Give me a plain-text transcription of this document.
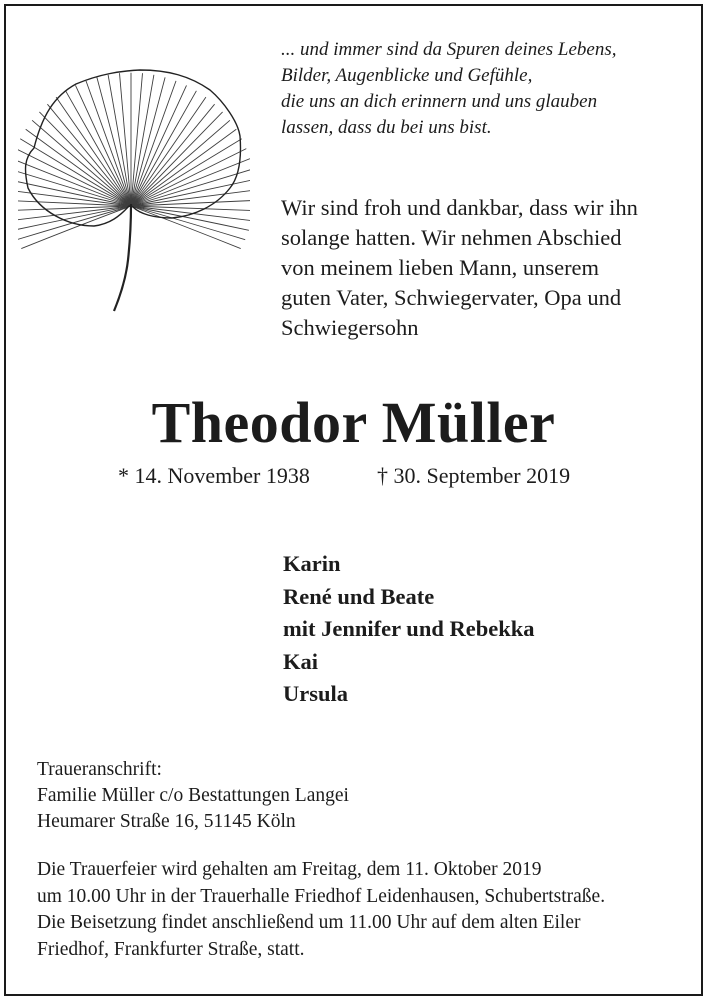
... und immer sind da Spuren deines Lebens,
Bilder, Augenblicke und Gefühle,
die uns an dich erinnern und uns glauben
lassen, dass du bei uns bist.
Wir sind froh und dankbar, dass wir ihn
solange hatten. Wir nehmen Abschied
von meinem lieben Mann, unserem
guten Vater, Schwiegervater, Opa und
Schwiegersohn
Theodor Müller
* 14. November 1938	† 30. September 2019
Karin
René und Beate
mit Jennifer und Rebekka
Kai
Ursula
Traueranschrift:
Familie Müller c/o Bestattungen Langei
Heumarer Straße 16, 51145 Köln
Die Trauerfeier wird gehalten am Freitag, dem 11. Oktober 2019
um 10.00 Uhr in der Trauerhalle Friedhof Leidenhausen, Schubertstraße.
Die Beisetzung findet anschließend um 11.00 Uhr auf dem alten Eiler
Friedhof, Frankfurter Straße, statt.
